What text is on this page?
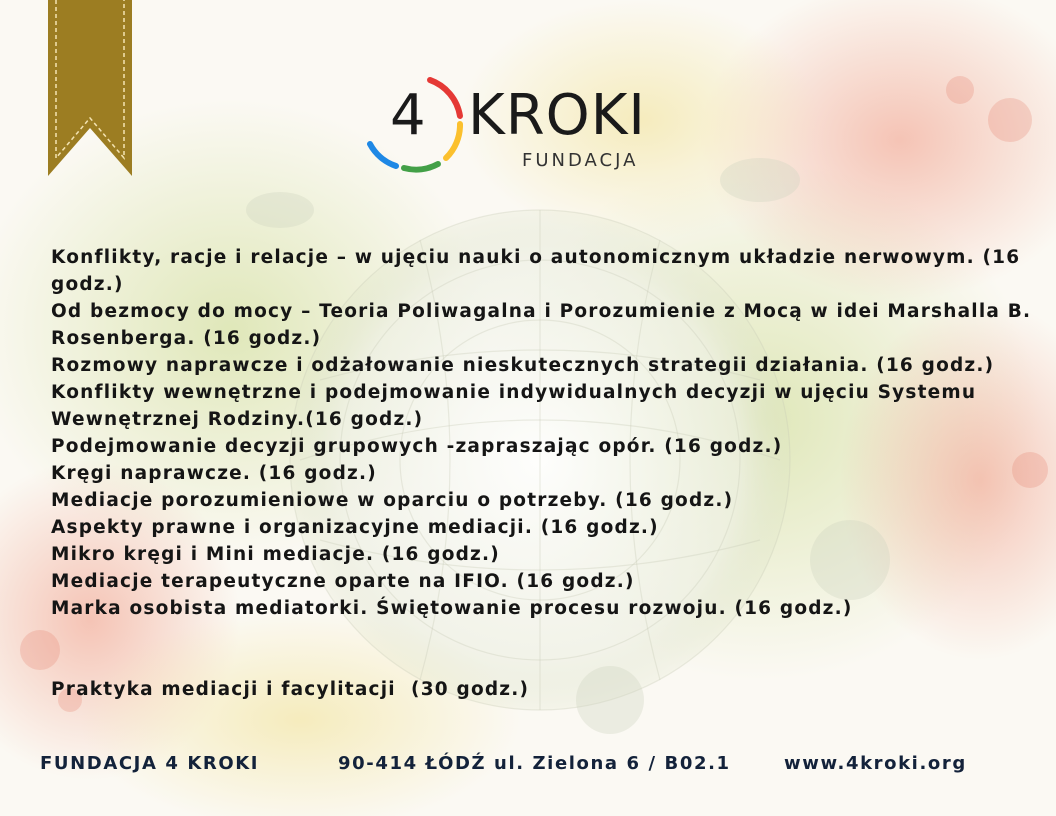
4 KROKI
FUNDACJA
Konflikty, racje i relacje – w ujęciu nauki o autonomicznym układzie nerwowym. (16 godz.)
Od bezmocy do mocy – Teoria Poliwagalna i Porozumienie z Mocą w idei Marshalla B. Rosenberga. (16 godz.)
Rozmowy naprawcze i odżałowanie nieskutecznych strategii działania. (16 godz.)
Konflikty wewnętrzne i podejmowanie indywidualnych decyzji w ujęciu Systemu Wewnętrznej Rodziny.(16 godz.)
Podejmowanie decyzji grupowych -zapraszając opór. (16 godz.)
Kręgi naprawcze. (16 godz.)
Mediacje porozumieniowe w oparciu o potrzeby. (16 godz.)
Aspekty prawne i organizacyjne mediacji. (16 godz.)
Mikro kręgi i Mini mediacje. (16 godz.)
Mediacje terapeutyczne oparte na IFIO. (16 godz.)
Marka osobista mediatorki. Świętowanie procesu rozwoju. (16 godz.)
Praktyka mediacji i facylitacji  (30 godz.)
FUNDACJA 4 KROKI	90-414 ŁÓDŹ ul. Zielona 6 / B02.1	www.4kroki.org
